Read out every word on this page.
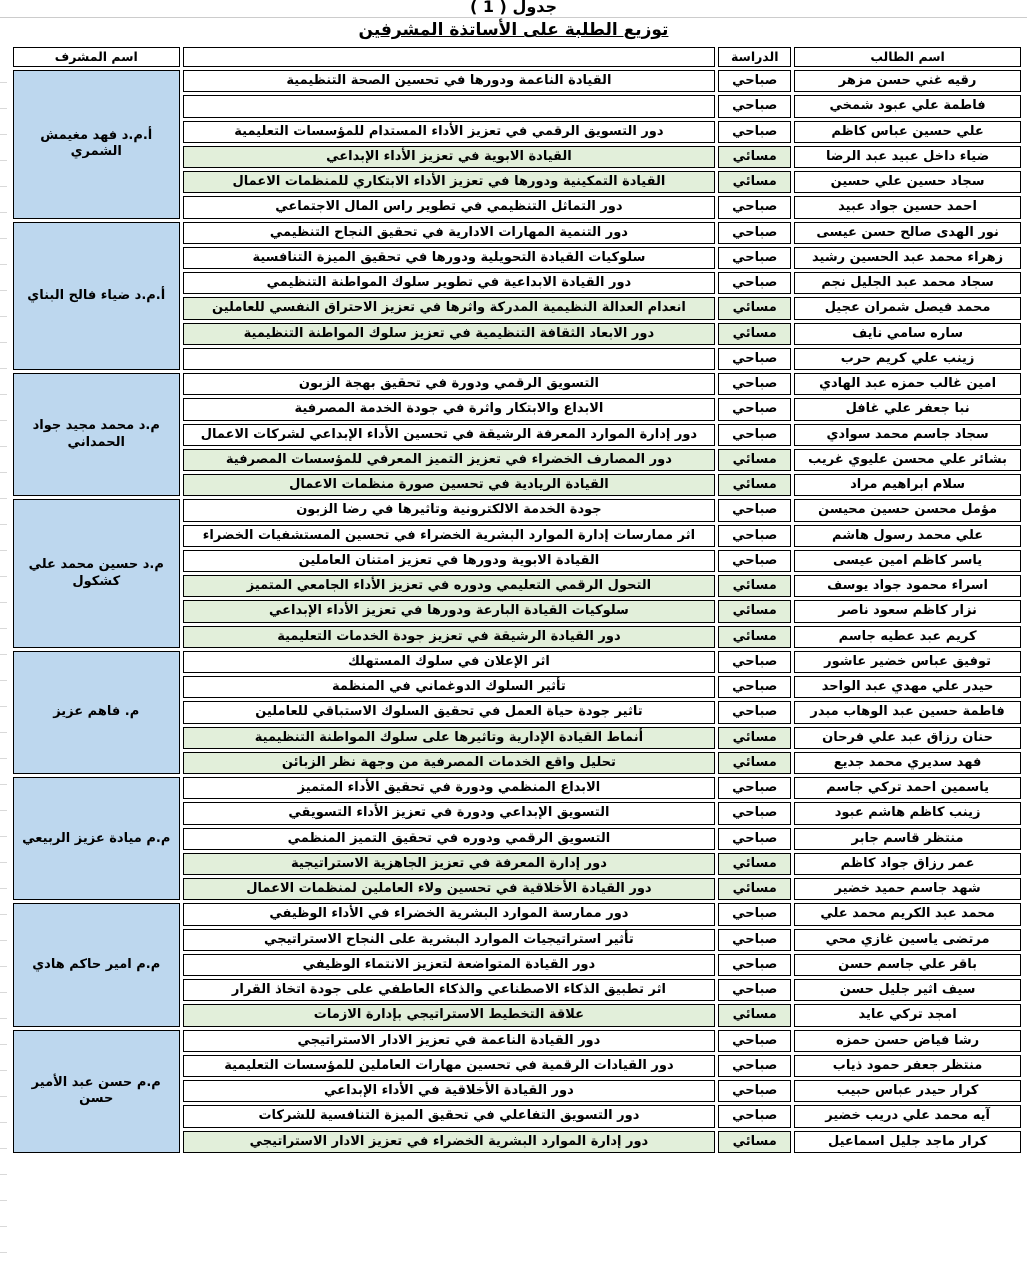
جدول ( 1 )
توزيع الطلبة على الأساتذة المشرفين
اسم الطالب	الدراسة		اسم المشرف
رقيه غني حسن مزهر	صباحي	القيادة الناعمة ودورها في تحسين الصحة التنظيمية	أ.م.د فهد مغيمش الشمري
فاطمة علي عبود شمخي	صباحي		
علي حسين عباس كاظم	صباحي	دور التسويق الرقمي في تعزيز الأداء المستدام للمؤسسات التعليمية	
ضياء داخل عبيد عبد الرضا	مسائي	القيادة الابوية في تعزيز الأداء الإبداعي	
سجاد حسين علي حسين	مسائي	القيادة التمكينية ودورها في تعزيز الأداء الابتكاري للمنظمات الاعمال	
احمد حسين جواد عبيد	صباحي	دور التماثل التنظيمي في تطوير راس المال الاجتماعي	
نور الهدى صالح حسن عيسى	صباحي	دور التنمية المهارات الادارية في تحقيق النجاح التنظيمي	أ.م.د ضياء فالح البناي
زهراء محمد عبد الحسين رشيد	صباحي	سلوكيات القيادة التحويلية ودورها في تحقيق الميزة التنافسية	
سجاد محمد عبد الجليل نجم	صباحي	دور القيادة الابداعية في تطوير سلوك المواطنة التنظيمي	
محمد فيصل شمران عجيل	مسائي	انعدام العدالة النظيمية المدركة واثرها في تعزيز الاحتراق النفسي للعاملين	
ساره سامي نايف	مسائي	دور الابعاد الثقافة التنظيمية في تعزيز سلوك المواطنة التنظيمية	
زينب علي كريم حرب	صباحي		
امين غالب حمزه عبد الهادي	صباحي	التسويق الرقمي ودورة في تحقيق بهجة الزبون	م.د محمد مجيد جواد الحمداني
نبا جعفر علي غافل	صباحي	الابداع والابتكار واثرة في جودة الخدمة المصرفية	
سجاد جاسم محمد سوادي	صباحي	دور إدارة الموارد المعرفة الرشيقة في تحسين الأداء الإبداعي لشركات الاعمال	
بشائر علي محسن عليوي غريب	مسائي	دور المصارف الخضراء في تعزيز التميز المعرفي للمؤسسات المصرفية	
سلام ابراهيم مراد	مسائي	القيادة الريادية في تحسين صورة منظمات الاعمال	
مؤمل محسن حسين محيسن	صباحي	جودة الخدمة الالكترونية وتاثيرها في رضا الزبون	م.د حسين محمد علي كشكول
علي محمد رسول هاشم	صباحي	اثر ممارسات إدارة الموارد البشرية الخضراء في تحسين المستشفيات الخضراء	
ياسر كاظم امين عيسى	صباحي	القيادة الابوية ودورها في تعزيز امتنان العاملين	
اسراء محمود جواد يوسف	مسائي	التحول الرقمي التعليمي ودوره في تعزيز الأداء الجامعي المتميز	
نزار كاظم سعود ناصر	مسائي	سلوكيات القيادة البارعة ودورها في تعزيز الأداء الإبداعي	
كريم عبد عطيه جاسم	مسائي	دور القيادة الرشيقة في تعزيز جودة الخدمات التعليمية	
توفيق عباس خضير عاشور	صباحي	اثر الإعلان في سلوك المستهلك	م. فاهم عزيز
حيدر علي مهدي عبد الواحد	صباحي	تأثير السلوك الدوغماني في المنظمة	
فاطمة حسين عبد الوهاب مبدر	صباحي	تاثير جودة حياة العمل في تحقيق السلوك الاستباقي للعاملين	
حنان رزاق عبد علي فرحان	مسائي	أنماط القيادة الإدارية وتاثيرها على سلوك المواطنة التنظيمية	
فهد سديري محمد جديع	مسائي	تحليل واقع الخدمات المصرفية من وجهة نظر الزبائن	
ياسمين احمد تركي جاسم	صباحي	الابداع المنظمي ودورة في تحقيق الأداء المتميز	م.م ميادة عزيز الربيعي
زينب كاظم هاشم عبود	صباحي	التسويق الإبداعي ودورة في تعزيز الأداء التسويقي	
منتظر قاسم جابر	صباحي	التسويق الرقمي ودوره في تحقيق التميز المنظمي	
عمر رزاق جواد كاظم	مسائي	دور إدارة المعرفة في تعزيز الجاهزية الاستراتيجية	
شهد جاسم حميد خضير	مسائي	دور القيادة الأخلاقية في تحسين ولاء العاملين لمنظمات الاعمال	
محمد عبد الكريم محمد علي	صباحي	دور ممارسة الموارد البشرية الخضراء في الأداء الوظيفي	م.م امير حاكم هادي
مرتضى ياسين غازي محي	صباحي	تأثير استراتيجيات الموارد البشرية على النجاح الاستراتيجي	
باقر علي جاسم حسن	صباحي	دور القيادة المتواضعة لتعزيز الانتماء الوظيفي	
سيف اثير جليل حسن	صباحي	اثر تطبيق الذكاء الاصطناعي والذكاء العاطفي على جودة اتخاذ القرار	
امجد تركي عايد	مسائي	علاقة التخطيط الاستراتيجي بإدارة الازمات	
رشا فياض حسن حمزه	صباحي	دور القيادة الناعمة في تعزيز الادار الاستراتيجي	م.م حسن عبد الأمير حسن
منتظر جعفر حمود ذياب	صباحي	دور القيادات الرقمية في تحسين مهارات العاملين للمؤسسات التعليمية	
كرار حيدر عباس حبيب	صباحي	دور القيادة الأخلاقية في الأداء الإبداعي	
آيه محمد علي دريب خضير	صباحي	دور التسويق التفاعلي في تحقيق الميزة التنافسية للشركات	
كرار ماجد جليل اسماعيل	مسائي	دور إدارة الموارد البشرية الخضراء في تعزيز الادار الاستراتيجي	
